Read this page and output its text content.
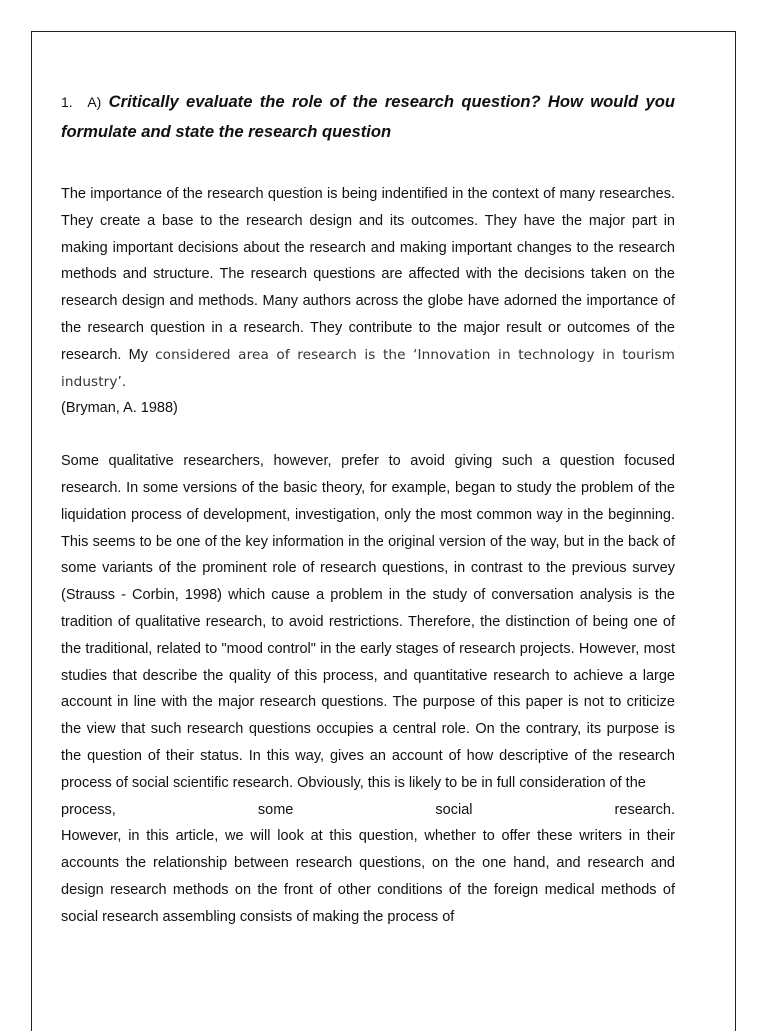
1. A) Critically evaluate the role of the research question? How would you formulate and state the research question

The importance of the research question is being indentified in the context of many researches. They create a base to the research design and its outcomes. They have the major part in making important decisions about the research and making important changes to the research methods and structure. The research questions are affected with the decisions taken on the research design and methods. Many authors across the globe have adorned the importance of the research question in a research. They contribute to the major result or outcomes of the research. My considered area of research is the ‘Innovation in technology in tourism industry’.
(Bryman, A. 1988)

Some qualitative researchers, however, prefer to avoid giving such a question focused research. In some versions of the basic theory, for example, began to study the problem of the liquidation process of development, investigation, only the most common way in the beginning. This seems to be one of the key information in the original version of the way, but in the back of some variants of the prominent role of research questions, in contrast to the previous survey (Strauss - Corbin, 1998) which cause a problem in the study of conversation analysis is the tradition of qualitative research, to avoid restrictions. Therefore, the distinction of being one of the traditional, related to "mood control" in the early stages of research projects. However, most studies that describe the quality of this process, and quantitative research to achieve a large account in line with the major research questions. The purpose of this paper is not to criticize the view that such research questions occupies a central role. On the contrary, its purpose is the question of their status. In this way, gives an account of how descriptive of the research process of social scientific research. Obviously, this is likely to be in full consideration of the
process, some social research.
However, in this article, we will look at this question, whether to offer these writers in their accounts the relationship between research questions, on the one hand, and research and design research methods on the front of other conditions of the foreign medical methods of social research assembling consists of making the process of
